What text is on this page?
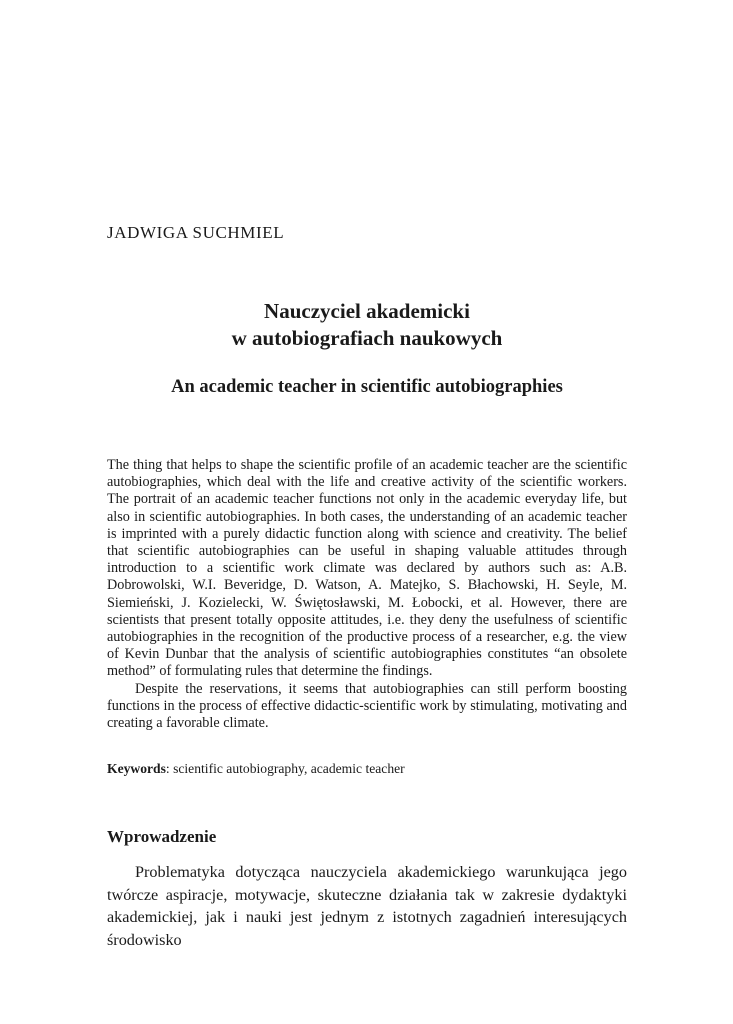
JADWIGA SUCHMIEL
Nauczyciel akademicki
w autobiografiach naukowych
An academic teacher in scientific autobiographies

The thing that helps to shape the scientific profile of an academic teacher are the scientific autobiographies, which deal with the life and creative activity of the scientific workers. The portrait of an academic teacher functions not only in the academic everyday life, but also in scientific autobiographies. In both cases, the understanding of an academic teacher is imprinted with a purely didactic function along with science and creativity. The belief that scientific autobiographies can be useful in shaping valuable attitudes through introduction to a scientific work climate was declared by authors such as: A.B. Dobrowolski, W.I. Beveridge, D. Watson, A. Matejko, S. Błachowski, H. Seyle, M. Siemieński, J. Kozielecki, W. Świętosławski, M. Łobocki, et al. However, there are scientists that present totally opposite attitudes, i.e. they deny the usefulness of scientific autobiographies in the recognition of the productive process of a researcher, e.g. the view of Kevin Dunbar that the analysis of scientific autobiographies constitutes “an obsolete method” of formulating rules that determine the findings.

Despite the reservations, it seems that autobiographies can still perform boosting functions in the process of effective didactic-scientific work by stimulating, motivating and creating a favorable climate.

Keywords: scientific autobiography, academic teacher

Wprowadzenie

Problematyka dotycząca nauczyciela akademickiego warunkująca jego twórcze aspiracje, motywacje, skuteczne działania tak w zakresie dydaktyki akademickiej, jak i nauki jest jednym z istotnych zagadnień interesujących środowisko
